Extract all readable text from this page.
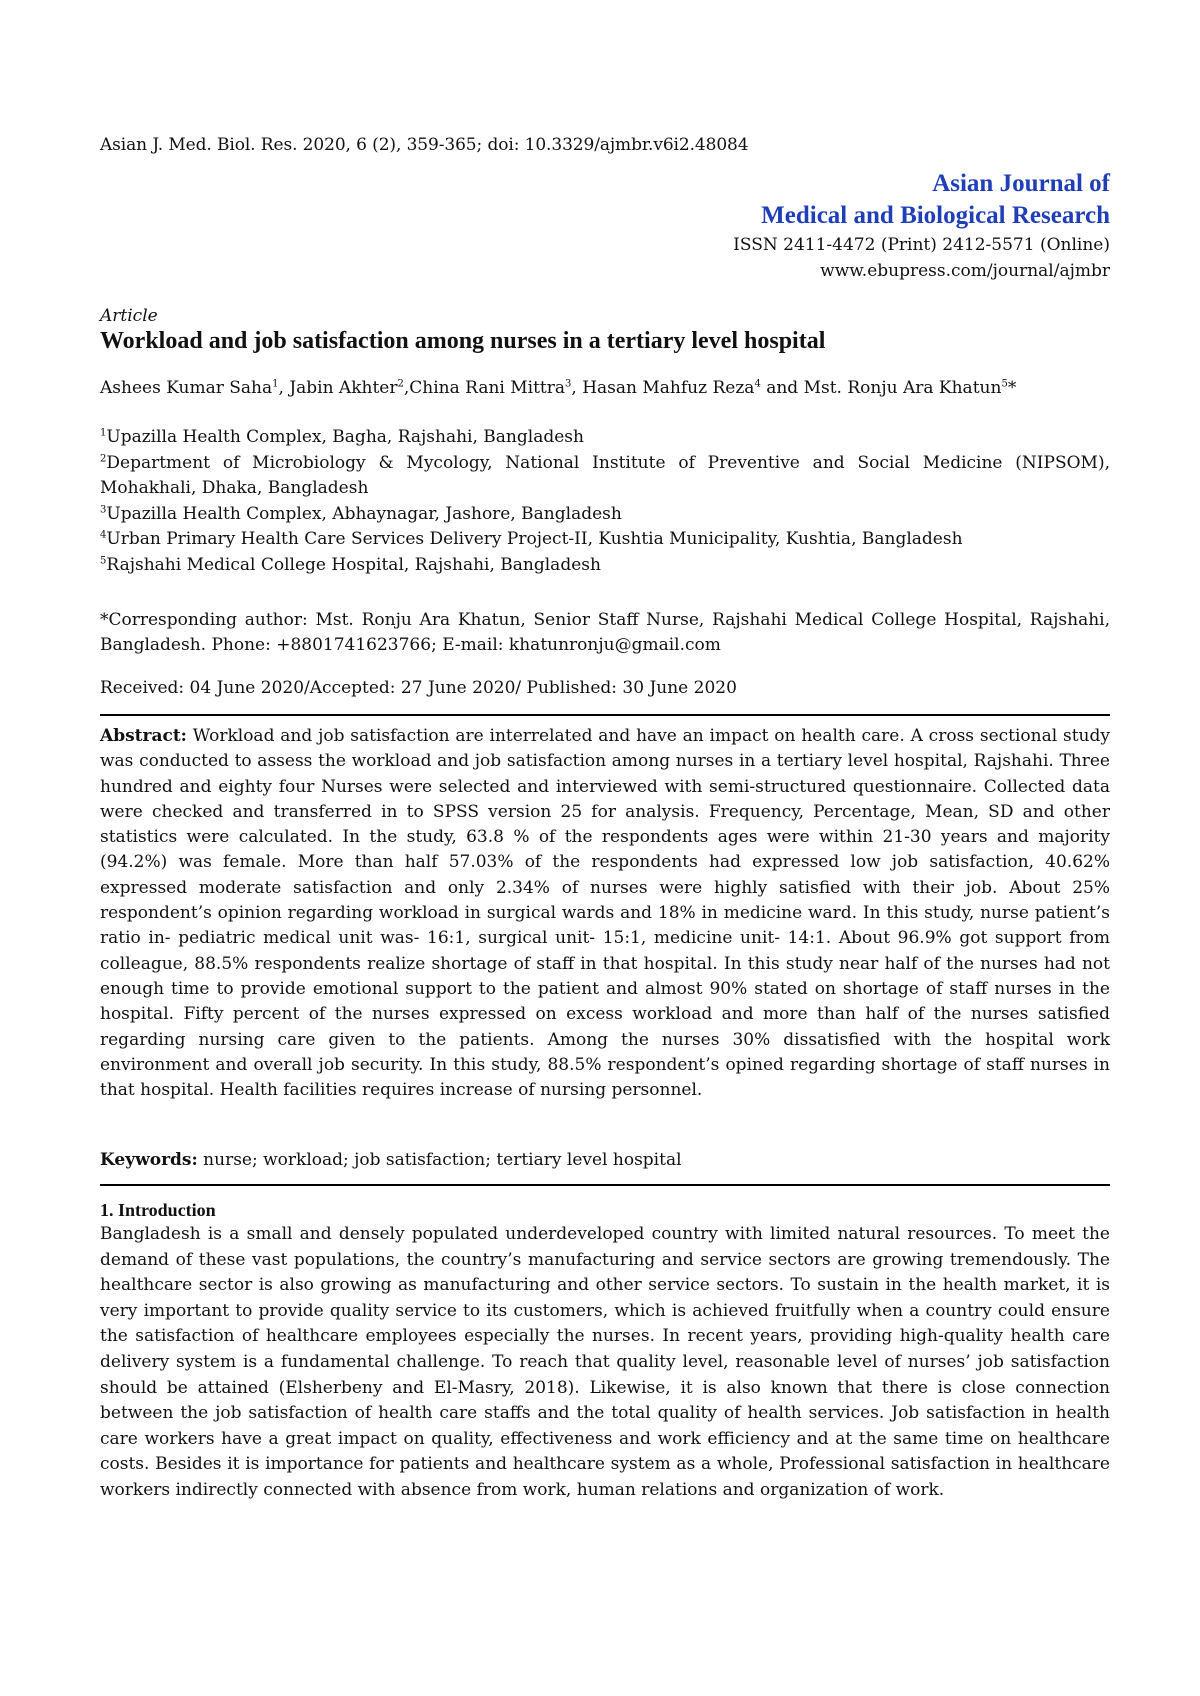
Asian J. Med. Biol. Res. 2020, 6 (2), 359-365; doi: 10.3329/ajmbr.v6i2.48084
Asian Journal of
Medical and Biological Research
ISSN 2411-4472 (Print) 2412-5571 (Online)
www.ebupress.com/journal/ajmbr
Article
Workload and job satisfaction among nurses in a tertiary level hospital
Ashees Kumar Saha$^1$, Jabin Akhter$^2$,China Rani Mittra$^3$, Hasan Mahfuz Reza$^4$ and Mst. Ronju Ara Khatun$^5$*
$^1$Upazilla Health Complex, Bagha, Rajshahi, Bangladesh
$^2$Department of Microbiology & Mycology, National Institute of Preventive and Social Medicine (NIPSOM), Mohakhali, Dhaka, Bangladesh
$^3$Upazilla Health Complex, Abhaynagar, Jashore, Bangladesh
$^4$Urban Primary Health Care Services Delivery Project-II, Kushtia Municipality, Kushtia, Bangladesh
$^5$Rajshahi Medical College Hospital, Rajshahi, Bangladesh
*Corresponding author: Mst. Ronju Ara Khatun, Senior Staff Nurse, Rajshahi Medical College Hospital, Rajshahi, Bangladesh. Phone: +8801741623766; E-mail: khatunronju@gmail.com
Received: 04 June 2020/Accepted: 27 June 2020/ Published: 30 June 2020
Abstract: Workload and job satisfaction are interrelated and have an impact on health care. A cross sectional study was conducted to assess the workload and job satisfaction among nurses in a tertiary level hospital, Rajshahi. Three hundred and eighty four Nurses were selected and interviewed with semi-structured questionnaire. Collected data were checked and transferred in to SPSS version 25 for analysis. Frequency, Percentage, Mean, SD and other statistics were calculated. In the study, 63.8 % of the respondents ages were within 21-30 years and majority (94.2%) was female. More than half 57.03% of the respondents had expressed low job satisfaction, 40.62% expressed moderate satisfaction and only 2.34% of nurses were highly satisfied with their job. About 25% respondent’s opinion regarding workload in surgical wards and 18% in medicine ward. In this study, nurse patient’s ratio in- pediatric medical unit was- 16:1, surgical unit- 15:1, medicine unit- 14:1. About 96.9% got support from colleague, 88.5% respondents realize shortage of staff in that hospital. In this study near half of the nurses had not enough time to provide emotional support to the patient and almost 90% stated on shortage of staff nurses in the hospital. Fifty percent of the nurses expressed on excess workload and more than half of the nurses satisfied regarding nursing care given to the patients. Among the nurses 30% dissatisfied with the hospital work environment and overall job security. In this study, 88.5% respondent’s opined regarding shortage of staff nurses in that hospital. Health facilities requires increase of nursing personnel.
Keywords: nurse; workload; job satisfaction; tertiary level hospital
1. Introduction
Bangladesh is a small and densely populated underdeveloped country with limited natural resources. To meet the demand of these vast populations, the country’s manufacturing and service sectors are growing tremendously. The healthcare sector is also growing as manufacturing and other service sectors. To sustain in the health market, it is very important to provide quality service to its customers, which is achieved fruitfully when a country could ensure the satisfaction of healthcare employees especially the nurses. In recent years, providing high-quality health care delivery system is a fundamental challenge. To reach that quality level, reasonable level of nurses’ job satisfaction should be attained (Elsherbeny and El-Masry, 2018). Likewise, it is also known that there is close connection between the job satisfaction of health care staffs and the total quality of health services. Job satisfaction in health care workers have a great impact on quality, effectiveness and work efficiency and at the same time on healthcare costs. Besides it is importance for patients and healthcare system as a whole, Professional satisfaction in healthcare workers indirectly connected with absence from work, human relations and organization of work.
